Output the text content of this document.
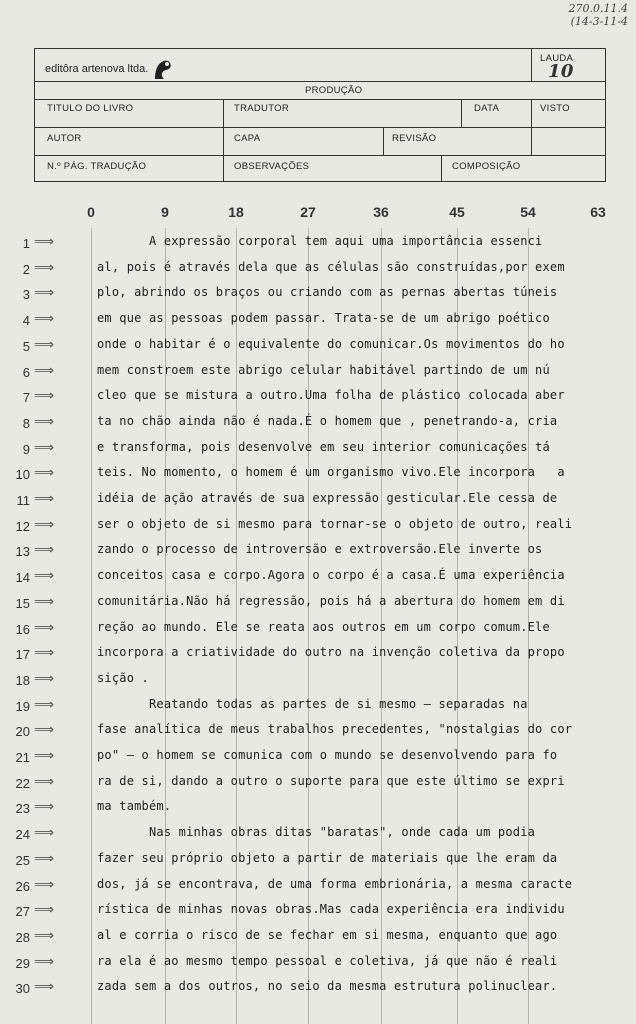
270.0.11.4
(14-3-11-4
editôra artenova ltda.
LAUDA
10
PRODUÇÃO
TITULO DO LIVRO	TRADUTOR	DATA	VISTO
AUTOR	CAPA	REVISÃO
N.º PÁG. TRADUÇÃO	OBSERVAÇÕES	COMPOSIÇÃO
0	9	18	27	36	45	54	63
1 ⟹	A expressão corporal tem aqui uma importância essenci
2 ⟹	al, pois é através dela que as células são construídas,por exem
3 ⟹	plo, abrindo os braços ou criando com as pernas abertas túneis
4 ⟹	em que as pessoas podem passar. Trata-se de um abrigo poético
5 ⟹	onde o habitar é o equivalente do comunicar.Os movimentos do ho
6 ⟹	mem constroem este abrigo celular habitável partindo de um nú
7 ⟹	cleo que se mistura a outro.Uma folha de plástico colocada aber
8 ⟹	ta no chão ainda não é nada.É o homem que , penetrando-a, cria
9 ⟹	e transforma, pois desenvolve em seu interior comunicações tá
10 ⟹	teis. No momento, o homem é um organismo vivo.Ele incorpora   a
11 ⟹	idéia de ação através de sua expressão gesticular.Ele cessa de
12 ⟹	ser o objeto de si mesmo para tornar-se o objeto de outro, reali
13 ⟹	zando o processo de introversão e extroversão.Ele inverte os
14 ⟹	conceitos casa e corpo.Agora o corpo é a casa.É uma experiência
15 ⟹	comunitária.Não há regressão, pois há a abertura do homem em di
16 ⟹	reção ao mundo. Ele se reata aos outros em um corpo comum.Ele
17 ⟹	incorpora a criatividade do outro na invenção coletiva da propo
18 ⟹	sição .
19 ⟹	Reatando todas as partes de si mesmo — separadas na
20 ⟹	fase analítica de meus trabalhos precedentes, "nostalgias do cor
21 ⟹	po" — o homem se comunica com o mundo se desenvolvendo para fo
22 ⟹	ra de si, dando a outro o suporte para que este último se expri
23 ⟹	ma também.
24 ⟹	Nas minhas obras ditas "baratas", onde cada um podia
25 ⟹	fazer seu próprio objeto a partir de materiais que lhe eram da
26 ⟹	dos, já se encontrava, de uma forma embrionária, a mesma caracte
27 ⟹	rística de minhas novas obras.Mas cada experiência era individu
28 ⟹	al e corria o risco de se fechar em si mesma, enquanto que ago
29 ⟹	ra ela é ao mesmo tempo pessoal e coletiva, já que não é reali
30 ⟹	zada sem a dos outros, no seio da mesma estrutura polinuclear.
